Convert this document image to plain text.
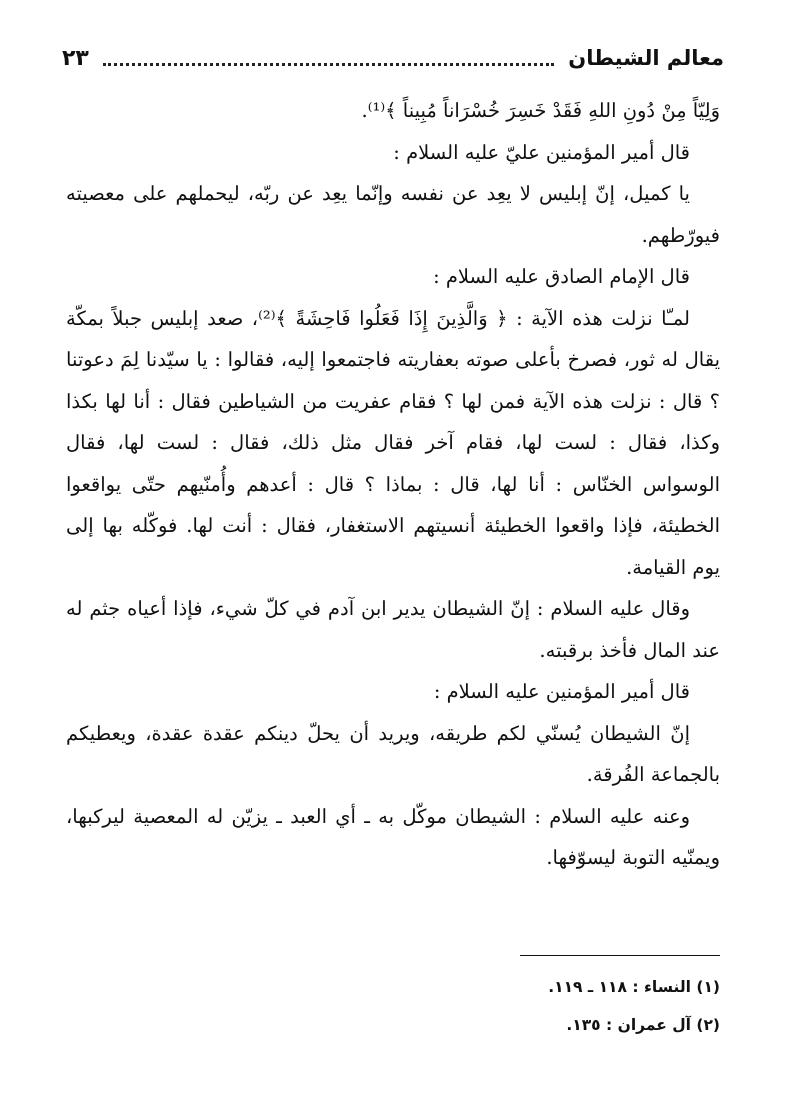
معالم الشيطان
٢٣

وَلِيّاً مِنْ دُونِ اللهِ فَقَدْ خَسِرَ خُسْرَاناً مُبِيناً ﴾⁽¹⁾.

قال أمير المؤمنين عليّ عليه السلام :

يا كميل، إنّ إبليس لا يعِد عن نفسه وإنّما يعِد عن ربّه، ليحملهم على معصيته فيورّطهم.

قال الإمام الصادق عليه السلام :

لمـّا نزلت هذه الآية : ﴿ وَالَّذِينَ إِذَا فَعَلُوا فَاحِشَةً ﴾⁽²⁾، صعد إبليس جبلاً بمكّة يقال له ثور، فصرخ بأعلى صوته بعفاريته فاجتمعوا إليه، فقالوا : يا سيّدنا لِمَ دعوتنا ؟ قال : نزلت هذه الآية فمن لها ؟ فقام عفريت من الشياطين فقال : أنا لها بكذا وكذا، فقال : لست لها، فقام آخر فقال مثل ذلك، فقال : لست لها، فقال الوسواس الخنّاس : أنا لها، قال : بماذا ؟ قال : أعدهم وأُمنّيهم حتّى يواقعوا الخطيئة، فإذا واقعوا الخطيئة أنسيتهم الاستغفار، فقال : أنت لها. فوكّله بها إلى يوم القيامة.

وقال عليه السلام : إنّ الشيطان يدير ابن آدم في كلّ شيء، فإذا أعياه جثم له عند المال فأخذ برقبته.

قال أمير المؤمنين عليه السلام :

إنّ الشيطان يُسنّي لكم طريقه، ويريد أن يحلّ دينكم عقدة عقدة، ويعطيكم بالجماعة الفُرقة.

وعنه عليه السلام : الشيطان موكّل به ـ أي العبد ـ يزيّن له المعصية ليركبها، ويمنّيه التوبة ليسوّفها.

(١) النساء : ١١٨ ـ ١١٩.

(٢) آل عمران : ١٣٥.
